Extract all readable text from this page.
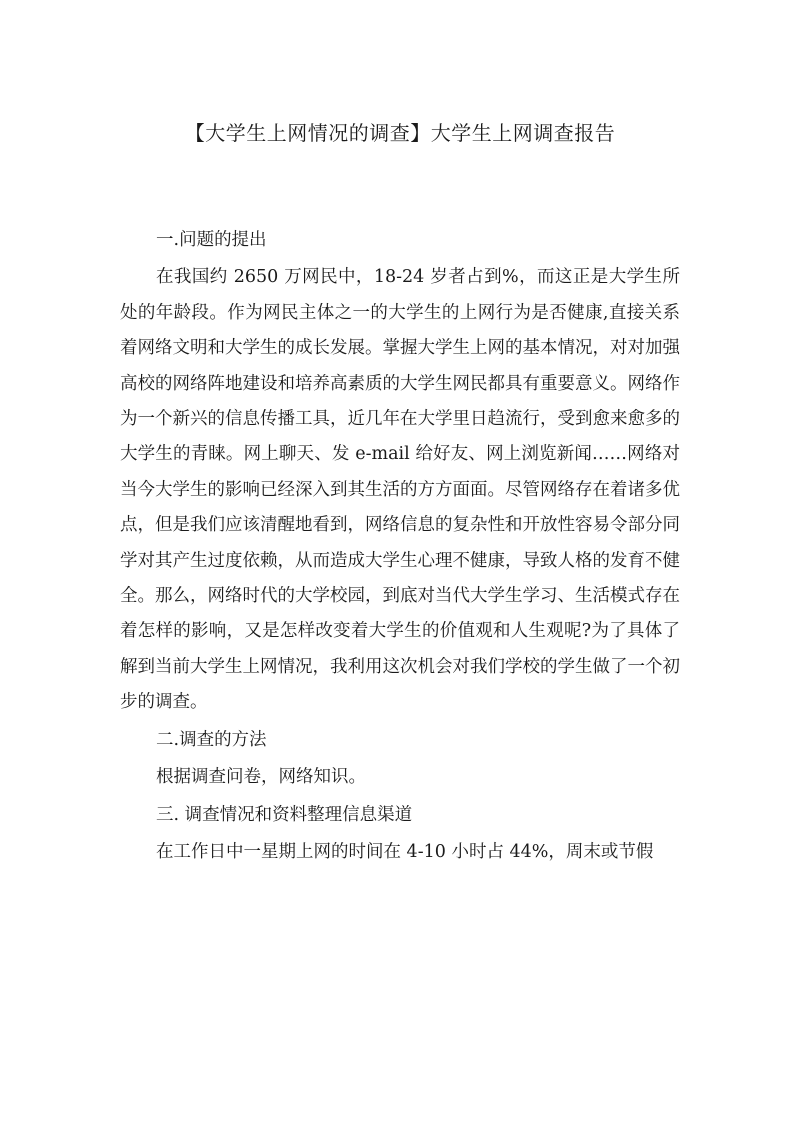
【大学生上网情况的调查】大学生上网调查报告

一.问题的提出

在我国约 2650 万网民中，18-24 岁者占到%，而这正是大学生所处的年龄段。作为网民主体之一的大学生的上网行为是否健康,直接关系着网络文明和大学生的成长发展。掌握大学生上网的基本情况，对对加强高校的网络阵地建设和培养高素质的大学生网民都具有重要意义。网络作为一个新兴的信息传播工具，近几年在大学里日趋流行，受到愈来愈多的大学生的青睐。网上聊天、发 e-mail 给好友、网上浏览新闻……网络对当今大学生的影响已经深入到其生活的方方面面。尽管网络存在着诸多优点，但是我们应该清醒地看到，网络信息的复杂性和开放性容易令部分同学对其产生过度依赖，从而造成大学生心理不健康，导致人格的发育不健全。那么，网络时代的大学校园，到底对当代大学生学习、生活模式存在着怎样的影响，又是怎样改变着大学生的价值观和人生观呢?为了具体了解到当前大学生上网情况，我利用这次机会对我们学校的学生做了一个初步的调查。

二.调查的方法

根据调查问卷，网络知识。

三. 调查情况和资料整理信息渠道

在工作日中一星期上网的时间在 4-10 小时占 44%，周末或节假
